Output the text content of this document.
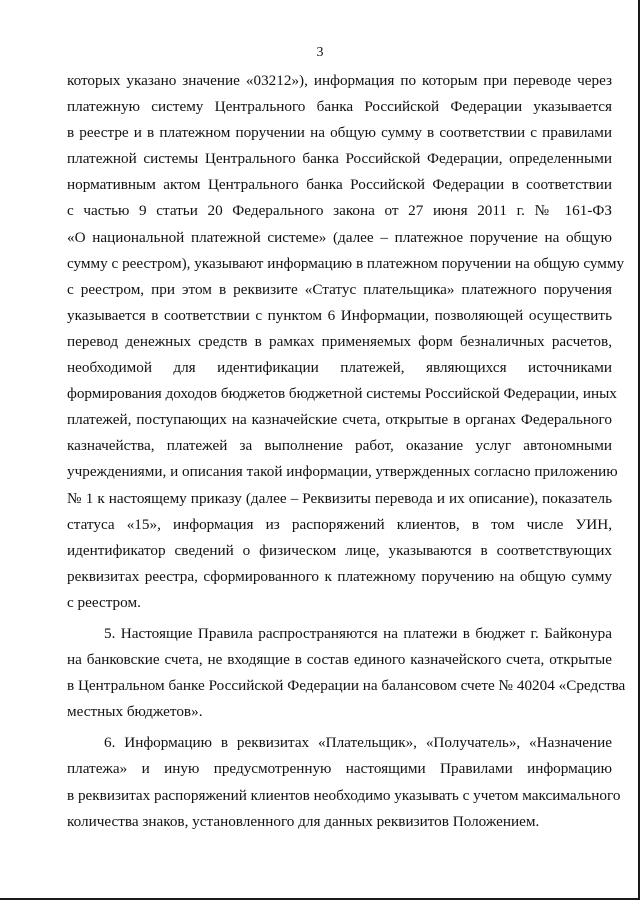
3
которых указано значение «03212»), информация по которым при переводе через
платежную систему Центрального банка Российской Федерации указывается
в реестре и в платежном поручении на общую сумму в соответствии с правилами
платежной системы Центрального банка Российской Федерации, определенными
нормативным актом Центрального банка Российской Федерации в соответствии
с частью 9 статьи 20 Федерального закона от 27 июня 2011 г. № 161-ФЗ
«О национальной платежной системе» (далее – платежное поручение на общую
сумму с реестром), указывают информацию в платежном поручении на общую сумму
с реестром, при этом в реквизите «Статус плательщика» платежного поручения
указывается в соответствии с пунктом 6 Информации, позволяющей осуществить
перевод денежных средств в рамках применяемых форм безналичных расчетов,
необходимой для идентификации платежей, являющихся источниками
формирования доходов бюджетов бюджетной системы Российской Федерации, иных
платежей, поступающих на казначейские счета, открытые в органах Федерального
казначейства, платежей за выполнение работ, оказание услуг автономными
учреждениями, и описания такой информации, утвержденных согласно приложению
№ 1 к настоящему приказу (далее – Реквизиты перевода и их описание), показатель
статуса «15», информация из распоряжений клиентов, в том числе УИН,
идентификатор сведений о физическом лице, указываются в соответствующих
реквизитах реестра, сформированного к платежному поручению на общую сумму
с реестром.
5. Настоящие Правила распространяются на платежи в бюджет г. Байконура
на банковские счета, не входящие в состав единого казначейского счета, открытые
в Центральном банке Российской Федерации на балансовом счете № 40204 «Средства
местных бюджетов».
6. Информацию в реквизитах «Плательщик», «Получатель», «Назначение
платежа» и иную предусмотренную настоящими Правилами информацию
в реквизитах распоряжений клиентов необходимо указывать с учетом максимального
количества знаков, установленного для данных реквизитов Положением.
